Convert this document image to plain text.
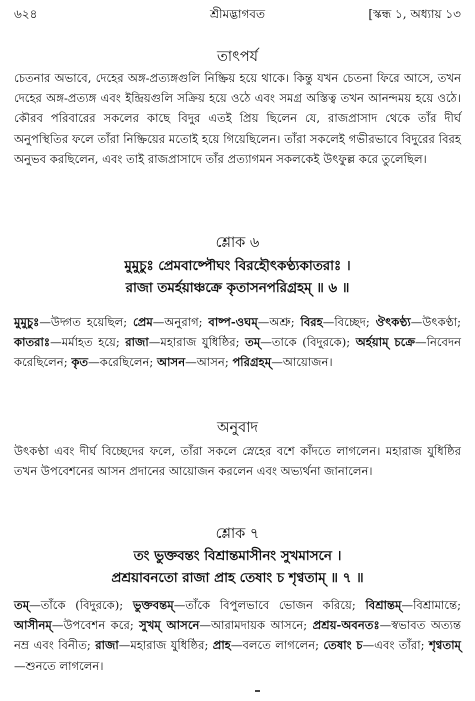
৬২৪	শ্রীমদ্ভাগবত	[স্কন্ধ ১, অধ্যায় ১৩
তাৎপর্য

চেতনার অভাবে, দেহের অঙ্গ-প্রত্যঙ্গগুলি নিষ্ক্রিয় হয়ে থাকে। কিন্তু যখন চেতনা ফিরে আসে, তখন দেহের অঙ্গ-প্রত্যঙ্গ এবং ইন্দ্রিয়গুলি সক্রিয় হয়ে ওঠে এবং সমগ্র অস্তিত্ব তখন আনন্দময় হয়ে ওঠে। কৌরব পরিবারের সকলের কাছে বিদুর এতই প্রিয় ছিলেন যে, রাজপ্রাসাদ থেকে তাঁর দীর্ঘ অনুপস্থিতির ফলে তাঁরা নিষ্ক্রিয়ের মতোই হয়ে গিয়েছিলেন। তাঁরা সকলেই গভীরভাবে বিদুরের বিরহ অনুভব করছিলেন, এবং তাই রাজপ্রাসাদে তাঁর প্রত্যাগমন সকলকেই উৎফুল্ল করে তুলেছিল।

শ্লোক ৬

মুমুচুঃ প্রেমবাষ্পৌঘং বিরহৌৎকণ্ঠ্যকাতরাঃ ।

রাজা তমর্হয়াঞ্চক্রে কৃতাসনপরিগ্রহম্ ॥ ৬ ॥

মুমুচুঃ—উদ্গত হয়েছিল; প্রেম—অনুরাগ; বাষ্প-ওঘম্—অশ্রু; বিরহ—বিচ্ছেদ; ঔৎকণ্ঠ্য—উৎকণ্ঠা; কাতরাঃ—মর্মাহত হয়ে; রাজা—মহারাজ যুধিষ্ঠির; তম্—তাকে (বিদুরকে); অর্হয়াম্ চক্রে—নিবেদন করেছিলেন; কৃত—করেছিলেন; আসন—আসন; পরিগ্রহম্—আয়োজন।

অনুবাদ

উৎকণ্ঠা এবং দীর্ঘ বিচ্ছেদের ফলে, তাঁরা সকলে স্নেহের বশে কাঁদতে লাগলেন। মহারাজ যুধিষ্ঠির তখন উপবেশনের আসন প্রদানের আয়োজন করলেন এবং অভ্যর্থনা জানালেন।

শ্লোক ৭

তং ভুক্তবন্তং বিশ্রান্তমাসীনং সুখমাসনে ।

প্রশ্রয়াবনতো রাজা প্রাহ তেষাং চ শৃণ্বতাম্ ॥ ৭ ॥

তম্—তাঁকে (বিদুরকে); ভুক্তবন্তম্—তাঁকে বিপুলভাবে ভোজন করিয়ে; বিশ্রান্তম্—বিশ্রামান্তে; আসীনম্—উপবেশন করে; সুখম্ আসনে—আরামদায়ক আসনে; প্রশ্রয়-অবনতঃ—স্বভাবত অত্যন্ত নম্র এবং বিনীত; রাজা—মহারাজ যুধিষ্ঠির; প্রাহ—বলতে লাগলেন; তেষাং চ—এবং তাঁরা; শৃণ্বতাম্—শুনতে লাগলেন।
